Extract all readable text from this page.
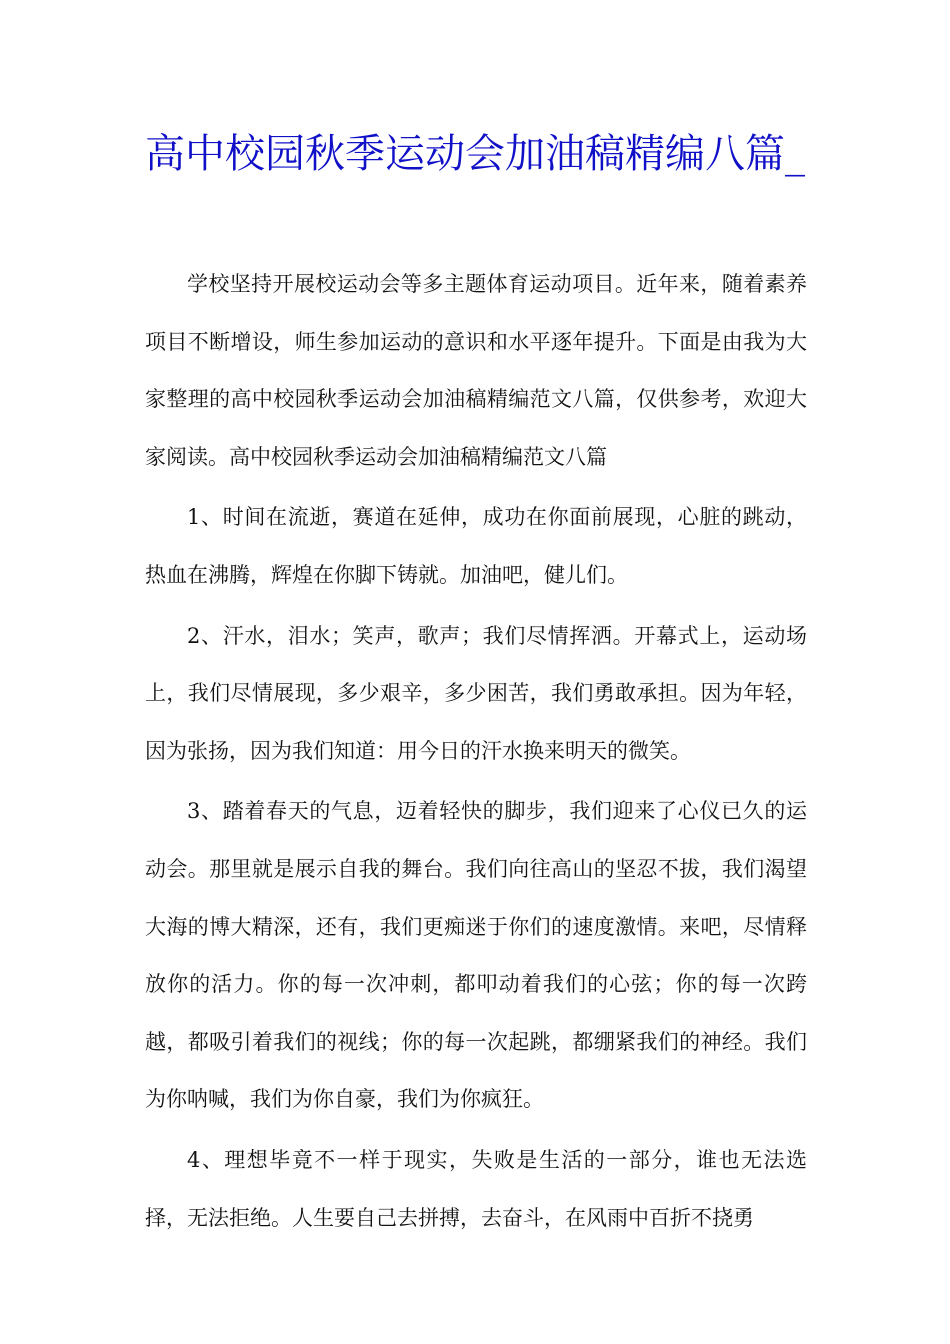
高中校园秋季运动会加油稿精编八篇_

学校坚持开展校运动会等多主题体育运动项目。近年来，随着素养项目不断增设，师生参加运动的意识和水平逐年提升。下面是由我为大家整理的高中校园秋季运动会加油稿精编范文八篇，仅供参考，欢迎大家阅读。高中校园秋季运动会加油稿精编范文八篇

1、时间在流逝，赛道在延伸，成功在你面前展现，心脏的跳动，热血在沸腾，辉煌在你脚下铸就。加油吧，健儿们。

2、汗水，泪水；笑声，歌声；我们尽情挥洒。开幕式上，运动场上，我们尽情展现，多少艰辛，多少困苦，我们勇敢承担。因为年轻，因为张扬，因为我们知道：用今日的汗水换来明天的微笑。

3、踏着春天的气息，迈着轻快的脚步，我们迎来了心仪已久的运动会。那里就是展示自我的舞台。我们向往高山的坚忍不拔，我们渴望大海的博大精深，还有，我们更痴迷于你们的速度激情。来吧，尽情释放你的活力。你的每一次冲刺，都叩动着我们的心弦；你的每一次跨越，都吸引着我们的视线；你的每一次起跳，都绷紧我们的神经。我们为你呐喊，我们为你自豪，我们为你疯狂。

4、理想毕竟不一样于现实，失败是生活的一部分，谁也无法选择，无法拒绝。人生要自己去拼搏，去奋斗，在风雨中百折不挠勇
